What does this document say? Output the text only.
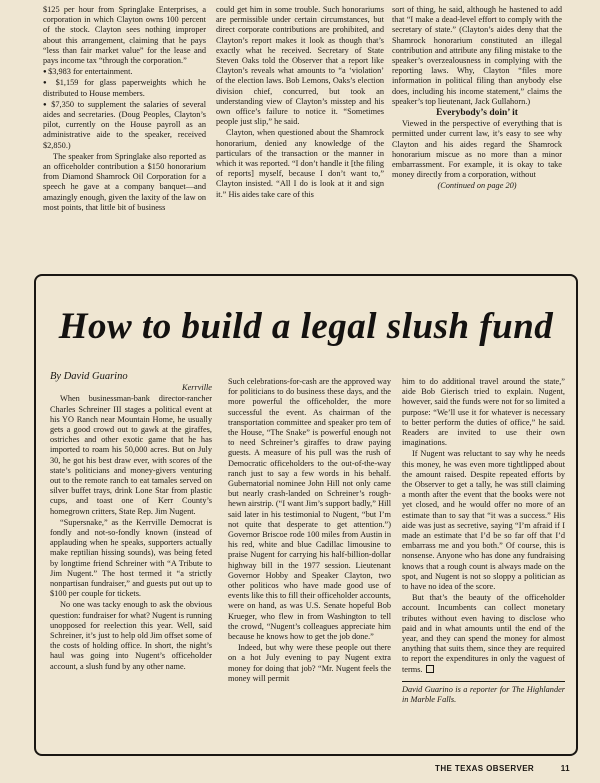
$125 per hour from Springlake Enterprises, a corporation in which Clayton owns 100 percent of the stock. Clayton sees nothing improper about this arrangement, claiming that he pays “less than fair market value” for the lease and pays income tax “through the corporation.”

● $3,983 for entertainment.

● $1,159 for glass paperweights which he distributed to House members.

● $7,350 to supplement the salaries of several aides and secretaries. (Doug Peoples, Clayton’s pilot, currently on the House payroll as an administrative aide to the speaker, received $2,850.)

The speaker from Springlake also reported as an officeholder contribution a $150 honorarium from Diamond Shamrock Oil Corporation for a speech he gave at a company banquet—and amazingly enough, given the laxity of the law on most points, that little bit of business

could get him in some trouble. Such honorariums are permissible under certain circumstances, but direct corporate contributions are prohibited, and Clayton’s report makes it look as though that’s exactly what he received. Secretary of State Steven Oaks told the Observer that a report like Clayton’s reveals what amounts to “a ‘violation’ of the election laws. Bob Lemons, Oaks’s election division chief, concurred, but took an understanding view of Clayton’s misstep and his own office’s failure to notice it. “Sometimes people just slip,” he said.

Clayton, when questioned about the Shamrock honorarium, denied any knowledge of the particulars of the transaction or the manner in which it was reported. “I don’t handle it [the filing of reports] myself, because I don’t want to,” Clayton insisted. “All I do is look at it and sign it.” His aides take care of this

sort of thing, he said, although he hastened to add that “I make a dead-level effort to comply with the secretary of state.” (Clayton’s aides deny that the Shamrock honorarium constituted an illegal contribution and attribute any filing mistake to the speaker’s overzealousness in complying with the reporting laws. Why, Clayton “files more information in political filing than anybody else does, including his income statement,” claims the speaker’s top lieutenant, Jack Gullahorn.)

Everybody’s doin’ it

Viewed in the perspective of everything that is permitted under current law, it’s easy to see why Clayton and his aides regard the Shamrock honorarium miscue as no more than a minor embarrassment. For example, it is okay to take money directly from a corporation, without

(Continued on page 20)

How to build a legal slush fund

By David Guarino

Kerrville

When businessman-bank director-rancher Charles Schreiner III stages a political event at his YO Ranch near Mountain Home, he usually gets a good crowd out to gawk at the giraffes, ostriches and other exotic game that he has imported to roam his 50,000 acres. But on July 30, he got his best draw ever, with scores of the state’s politicians and money-givers venturing out to the remote ranch to eat tamales served on silver buffet trays, drink Lone Star from plastic cups, and toast one of Kerr County’s homegrown critters, State Rep. Jim Nugent.

“Supersnake,” as the Kerrville Democrat is fondly and not-so-fondly known (instead of applauding when he speaks, supporters actually make reptilian hissing sounds), was being feted by longtime friend Schreiner with “A Tribute to Jim Nugent.” The host termed it “a strictly nonpartisan fundraiser,” and guests put out up to $100 per couple for tickets.

No one was tacky enough to ask the obvious question: fundraiser for what? Nugent is running unopposed for reelection this year. Well, said Schreiner, it’s just to help old Jim offset some of the costs of holding office. In short, the night’s haul was going into Nugent’s officeholder account, a slush fund by any other name.

Such celebrations-for-cash are the approved way for politicians to do business these days, and the more powerful the officeholder, the more successful the event. As chairman of the transportation committee and speaker pro tem of the House, “The Snake” is powerful enough not to need Schreiner’s giraffes to draw paying guests. A measure of his pull was the rush of Democratic officeholders to the out-of-the-way ranch just to say a few words in his behalf. Gubernatorial nominee John Hill not only came but nearly crash-landed on Schreiner’s rough-hewn airstrip. (“I want Jim’s support badly,” Hill said later in his testimonial to Nugent, “but I’m not quite that desperate to get attention.”) Governor Briscoe rode 100 miles from Austin in his red, white and blue Cadillac limousine to praise Nugent for carrying his half-billion-dollar highway bill in the 1977 session. Lieutenant Governor Hobby and Speaker Clayton, two other politicos who have made good use of events like this to fill their officeholder accounts, were on hand, as was U.S. Senate hopeful Bob Krueger, who flew in from Washington to tell the crowd, “Nugent’s colleagues appreciate him because he knows how to get the job done.”

Indeed, but why were these people out there on a hot July evening to pay Nugent extra money for doing that job? “Mr. Nugent feels the money will permit

him to do additional travel around the state,” aide Bob Gierisch tried to explain. Nugent, however, said the funds were not for so limited a purpose: “We’ll use it for whatever is necessary to better perform the duties of office,” he said. Readers are invited to use their own imaginations.

If Nugent was reluctant to say why he needs this money, he was even more tightlipped about the amount raised. Despite repeated efforts by the Observer to get a tally, he was still claiming a month after the event that the books were not yet closed, and he would offer no more of an estimate than to say that “it was a success.” His aide was just as secretive, saying “I’m afraid if I made an estimate that I’d be so far off that I’d embarrass me and you both.” Of course, this is nonsense. Anyone who has done any fundraising knows that a rough count is always made on the spot, and Nugent is not so sloppy a politician as to have no idea of the score.

But that’s the beauty of the officeholder account. Incumbents can collect monetary tributes without even having to disclose who paid and in what amounts until the end of the year, and they can spend the money for almost anything that suits them, since they are required to report the expenditures in only the vaguest of terms.

David Guarino is a reporter for The Highlander in Marble Falls.

THE TEXAS OBSERVER	11
